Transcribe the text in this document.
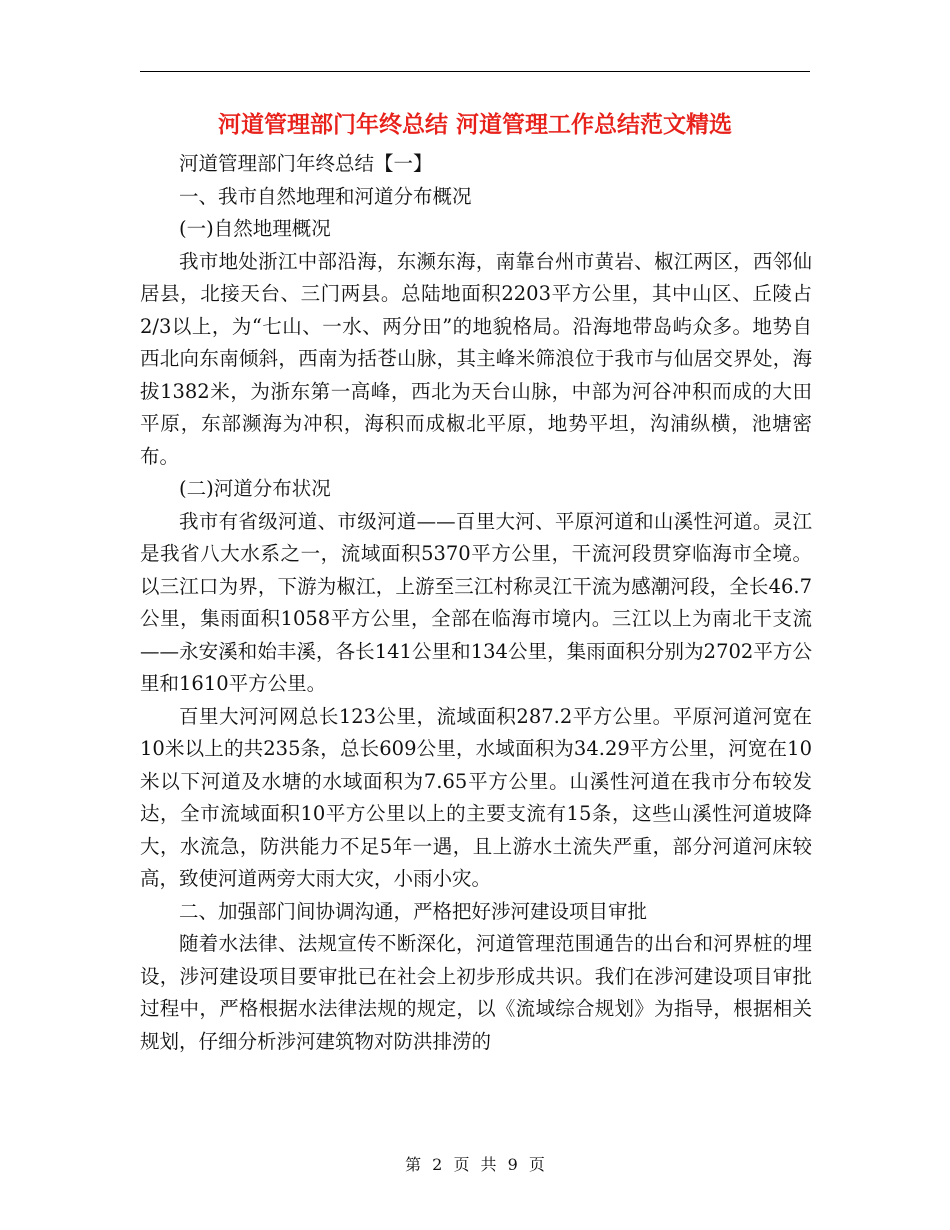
河道管理部门年终总结 河道管理工作总结范文精选

河道管理部门年终总结【一】

一、我市自然地理和河道分布概况

(一)自然地理概况

我市地处浙江中部沿海，东濒东海，南靠台州市黄岩、椒江两区，西邻仙居县，北接天台、三门两县。总陆地面积2203平方公里，其中山区、丘陵占2/3以上，为“七山、一水、两分田”的地貌格局。沿海地带岛屿众多。地势自西北向东南倾斜，西南为括苍山脉，其主峰米筛浪位于我市与仙居交界处，海拔1382米，为浙东第一高峰，西北为天台山脉，中部为河谷冲积而成的大田平原，东部濒海为冲积，海积而成椒北平原，地势平坦，沟浦纵横，池塘密布。

(二)河道分布状况

我市有省级河道、市级河道——百里大河、平原河道和山溪性河道。灵江是我省八大水系之一，流域面积5370平方公里，干流河段贯穿临海市全境。以三江口为界，下游为椒江，上游至三江村称灵江干流为感潮河段，全长46.7公里，集雨面积1058平方公里，全部在临海市境内。三江以上为南北干支流——永安溪和始丰溪，各长141公里和134公里，集雨面积分别为2702平方公里和1610平方公里。

百里大河河网总长123公里，流域面积287.2平方公里。平原河道河宽在10米以上的共235条，总长609公里，水域面积为34.29平方公里，河宽在10米以下河道及水塘的水域面积为7.65平方公里。山溪性河道在我市分布较发达，全市流域面积10平方公里以上的主要支流有15条，这些山溪性河道坡降大，水流急，防洪能力不足5年一遇，且上游水土流失严重，部分河道河床较高，致使河道两旁大雨大灾，小雨小灾。

二、加强部门间协调沟通，严格把好涉河建设项目审批

随着水法律、法规宣传不断深化，河道管理范围通告的出台和河界桩的埋设，涉河建设项目要审批已在社会上初步形成共识。我们在涉河建设项目审批过程中，严格根据水法律法规的规定，以《流域综合规划》为指导，根据相关规划，仔细分析涉河建筑物对防洪排涝的

第 2 页 共 9 页
